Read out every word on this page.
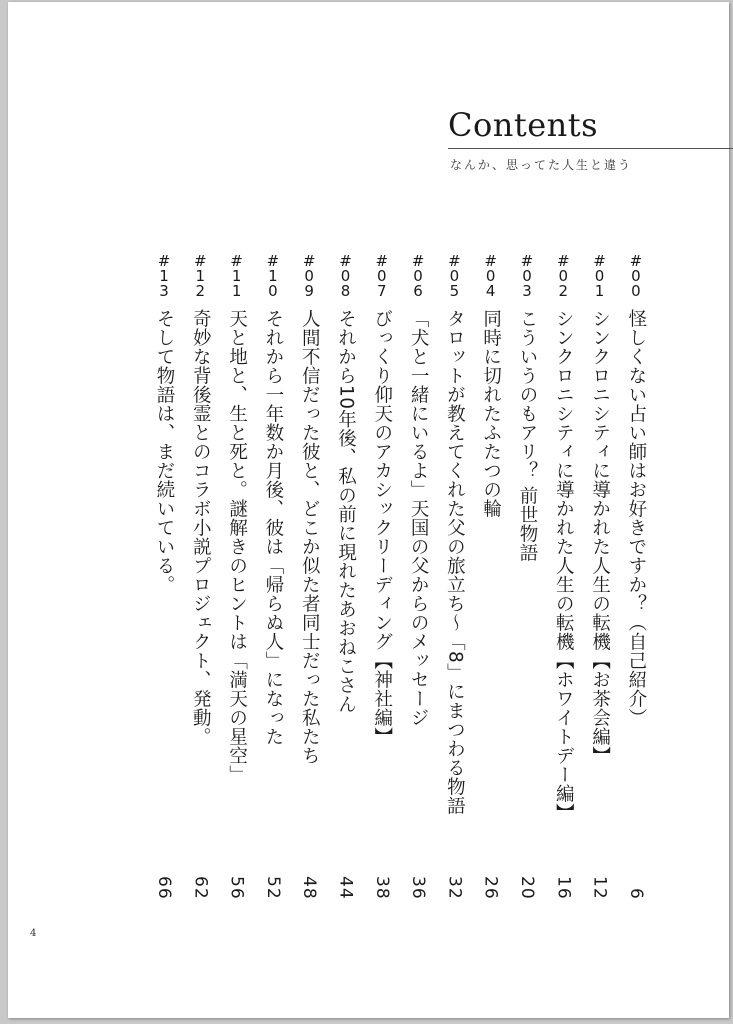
Contents
なんか、思ってた人生と違う
#00
怪しくない占い師はお好きですか？（自己紹介）
6
#01
シンクロニシティに導かれた人生の転機【お茶会編】
12
#02
シンクロニシティに導かれた人生の転機【ホワイトデー編】
16
#03
こういうのもアリ？ 前世物語
20
#04
同時に切れたふたつの輪
26
#05
タロットが教えてくれた父の旅立ち〜「8」にまつわる物語
32
#06
「犬と一緒にいるよ」天国の父からのメッセージ
36
#07
びっくり仰天のアカシックリーディング【神社編】
38
#08
それから10年後、私の前に現れたあおねこさん
44
#09
人間不信だった彼と、どこか似た者同士だった私たち
48
#10
それから一年数か月後、彼は「帰らぬ人」になった
52
#11
天と地と、生と死と。謎解きのヒントは「満天の星空」
56
#12
奇妙な背後霊とのコラボ小説プロジェクト、発動。
62
#13
そして物語は、まだ続いている。
66
4
